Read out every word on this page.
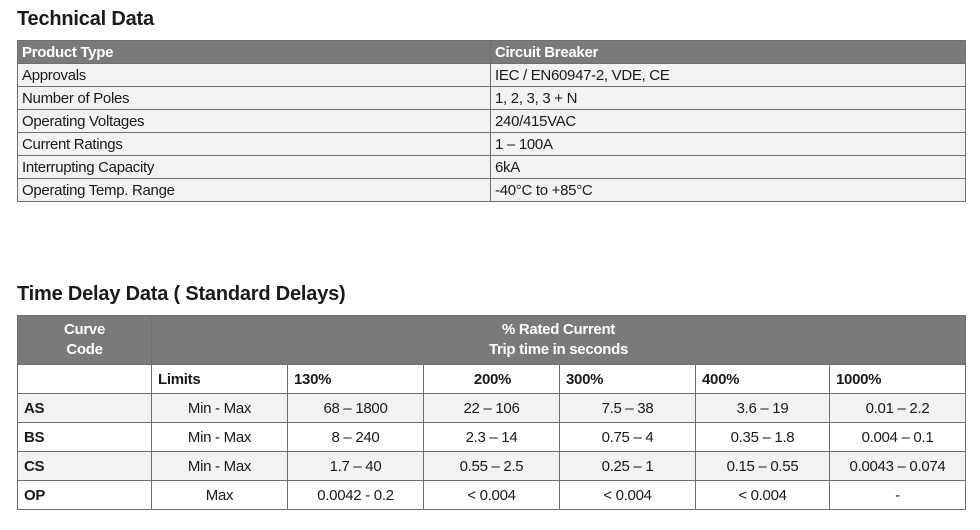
Technical Data
Product Type	Circuit Breaker
Approvals	IEC / EN60947-2, VDE, CE
Number of Poles	1, 2, 3, 3 + N
Operating Voltages	240/415VAC
Current Ratings	1 – 100A
Interrupting Capacity	6kA
Operating Temp. Range	-40°C to +85°C
Time Delay Data ( Standard Delays)
Curve
Code	% Rated Current
Trip time in seconds					

	Limits	130%	200%	300%	400%	1000%
AS	Min - Max	68 – 1800	22 – 106	7.5 – 38	3.6 – 19	0.01 – 2.2
BS	Min - Max	8 – 240	2.3 – 14	0.75 – 4	0.35 – 1.8	0.004 – 0.1
CS	Min - Max	1.7 – 40	0.55 – 2.5	0.25 – 1	0.15 – 0.55	0.0043 – 0.074
OP	Max	0.0042 - 0.2	< 0.004	< 0.004	< 0.004	-
